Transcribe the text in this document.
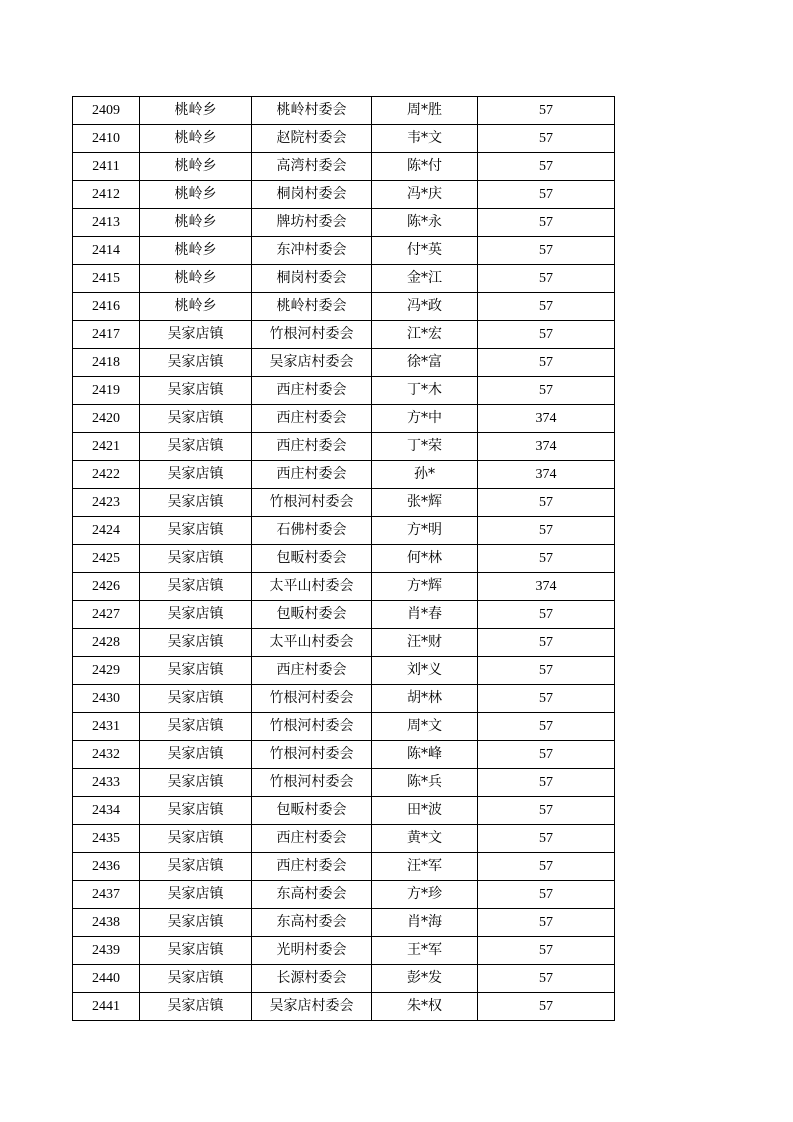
2409	桃岭乡	桃岭村委会	周*胜	57
2410	桃岭乡	赵院村委会	韦*文	57
2411	桃岭乡	高湾村委会	陈*付	57
2412	桃岭乡	桐岗村委会	冯*庆	57
2413	桃岭乡	牌坊村委会	陈*永	57
2414	桃岭乡	东冲村委会	付*英	57
2415	桃岭乡	桐岗村委会	金*江	57
2416	桃岭乡	桃岭村委会	冯*政	57
2417	吴家店镇	竹根河村委会	江*宏	57
2418	吴家店镇	吴家店村委会	徐*富	57
2419	吴家店镇	西庄村委会	丁*木	57
2420	吴家店镇	西庄村委会	方*中	374
2421	吴家店镇	西庄村委会	丁*荣	374
2422	吴家店镇	西庄村委会	孙*	374
2423	吴家店镇	竹根河村委会	张*辉	57
2424	吴家店镇	石佛村委会	方*明	57
2425	吴家店镇	包畈村委会	何*林	57
2426	吴家店镇	太平山村委会	方*辉	374
2427	吴家店镇	包畈村委会	肖*春	57
2428	吴家店镇	太平山村委会	汪*财	57
2429	吴家店镇	西庄村委会	刘*义	57
2430	吴家店镇	竹根河村委会	胡*林	57
2431	吴家店镇	竹根河村委会	周*文	57
2432	吴家店镇	竹根河村委会	陈*峰	57
2433	吴家店镇	竹根河村委会	陈*兵	57
2434	吴家店镇	包畈村委会	田*波	57
2435	吴家店镇	西庄村委会	黄*文	57
2436	吴家店镇	西庄村委会	汪*军	57
2437	吴家店镇	东高村委会	方*珍	57
2438	吴家店镇	东高村委会	肖*海	57
2439	吴家店镇	光明村委会	王*军	57
2440	吴家店镇	长源村委会	彭*发	57
2441	吴家店镇	吴家店村委会	朱*权	57
